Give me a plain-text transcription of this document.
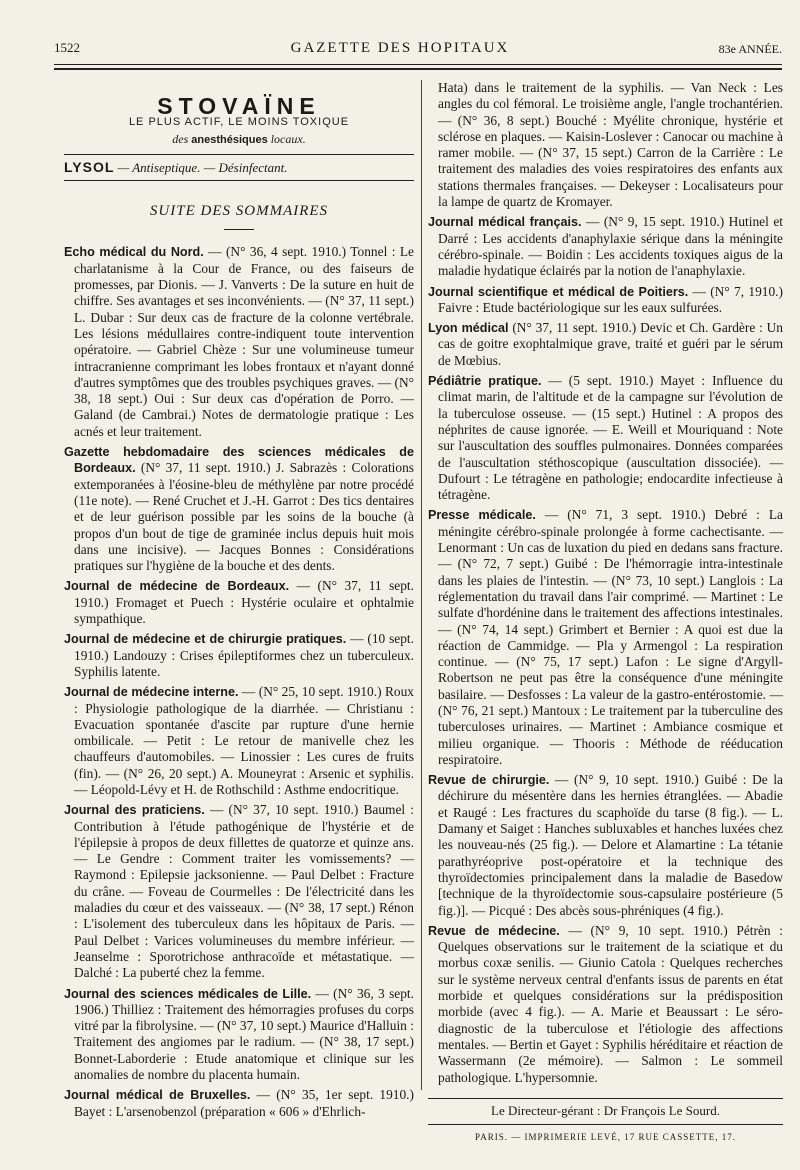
1522	GAZETTE DES HOPITAUX	83e ANNÉE.
STOVAÏNE
LE PLUS ACTIF, LE MOINS TOXIQUE
des anesthésiques locaux.
LYSOL — Antiseptique. — Désinfectant.
SUITE DES SOMMAIRES

Echo médical du Nord. — (N° 36, 4 sept. 1910.) Tonnel : Le charlatanisme à la Cour de France, ou des faiseurs de promesses, par Dionis. — J. Vanverts : De la suture en huit de chiffre. Ses avantages et ses inconvénients. — (N° 37, 11 sept.) L. Dubar : Sur deux cas de fracture de la colonne vertébrale. Les lésions médullaires contre-indiquent toute intervention opératoire. — Gabriel Chèze : Sur une volumineuse tumeur intracranienne comprimant les lobes frontaux et n'ayant donné d'autres symptômes que des troubles psychiques graves. — (N° 38, 18 sept.) Oui : Sur deux cas d'opération de Porro. — Galand (de Cambrai.) Notes de dermatologie pratique : Les acnés et leur traitement.

Gazette hebdomadaire des sciences médicales de Bordeaux. (N° 37, 11 sept. 1910.) J. Sabrazès : Colorations extemporanées à l'éosine-bleu de méthylène par notre procédé (11e note). — René Cruchet et J.-H. Garrot : Des tics dentaires et de leur guérison possible par les soins de la bouche (à propos d'un bout de tige de graminée inclus depuis huit mois dans une incisive). — Jacques Bonnes : Considérations pratiques sur l'hygiène de la bouche et des dents.

Journal de médecine de Bordeaux. — (N° 37, 11 sept. 1910.) Fromaget et Puech : Hystérie oculaire et ophtalmie sympathique.

Journal de médecine et de chirurgie pratiques. — (10 sept. 1910.) Landouzy : Crises épileptiformes chez un tuberculeux. Syphilis latente.

Journal de médecine interne. — (N° 25, 10 sept. 1910.) Roux : Physiologie pathologique de la diarrhée. — Christianu : Evacuation spontanée d'ascite par rupture d'une hernie ombilicale. — Petit : Le retour de manivelle chez les chauffeurs d'automobiles. — Linossier : Les cures de fruits (fin). — (N° 26, 20 sept.) A. Mouneyrat : Arsenic et syphilis. — Léopold-Lévy et H. de Rothschild : Asthme endocritique.

Journal des praticiens. — (N° 37, 10 sept. 1910.) Baumel : Contribution à l'étude pathogénique de l'hystérie et de l'épilepsie à propos de deux fillettes de quatorze et quinze ans. — Le Gendre : Comment traiter les vomissements? — Raymond : Epilepsie jacksonienne. — Paul Delbet : Fracture du crâne. — Foveau de Courmelles : De l'électricité dans les maladies du cœur et des vaisseaux. — (N° 38, 17 sept.) Rénon : L'isolement des tuberculeux dans les hôpitaux de Paris. — Paul Delbet : Varices volumineuses du membre inférieur. — Jeanselme : Sporotrichose anthracoïde et métastatique. — Dalché : La puberté chez la femme.

Journal des sciences médicales de Lille. — (N° 36, 3 sept. 1906.) Thilliez : Traitement des hémorragies profuses du corps vitré par la fibrolysine. — (N° 37, 10 sept.) Maurice d'Halluin : Traitement des angiomes par le radium. — (N° 38, 17 sept.) Bonnet-Laborderie : Etude anatomique et clinique sur les anomalies de nombre du placenta humain.

Journal médical de Bruxelles. — (N° 35, 1er sept. 1910.) Bayet : L'arsenobenzol (préparation « 606 » d'Ehrlich-

Hata) dans le traitement de la syphilis. — Van Neck : Les angles du col fémoral. Le troisième angle, l'angle trochantérien. — (N° 36, 8 sept.) Bouché : Myélite chronique, hystérie et sclérose en plaques. — Kaisin-Loslever : Canocar ou machine à ramer mobile. — (N° 37, 15 sept.) Carron de la Carrière : Le traitement des maladies des voies respiratoires des enfants aux stations thermales françaises. — Dekeyser : Localisateurs pour la lampe de quartz de Kromayer.

Journal médical français. — (N° 9, 15 sept. 1910.) Hutinel et Darré : Les accidents d'anaphylaxie sérique dans la méningite cérébro-spinale. — Boidin : Les accidents toxiques aigus de la maladie hydatique éclairés par la notion de l'anaphylaxie.

Journal scientifique et médical de Poitiers. — (N° 7, 1910.) Faivre : Etude bactériologique sur les eaux sulfurées.

Lyon médical (N° 37, 11 sept. 1910.) Devic et Ch. Gardère : Un cas de goitre exophtalmique grave, traité et guéri par le sérum de Mœbius.

Pédiâtrie pratique. — (5 sept. 1910.) Mayet : Influence du climat marin, de l'altitude et de la campagne sur l'évolution de la tuberculose osseuse. — (15 sept.) Hutinel : A propos des néphrites de cause ignorée. — E. Weill et Mouriquand : Note sur l'auscultation des souffles pulmonaires. Données comparées de l'auscultation stéthoscopique (auscultation dissociée). — Dufourt : Le tétragène en pathologie; endocardite infectieuse à tétragène.

Presse médicale. — (N° 71, 3 sept. 1910.) Debré : La méningite cérébro-spinale prolongée à forme cachectisante. — Lenormant : Un cas de luxation du pied en dedans sans fracture. — (N° 72, 7 sept.) Guibé : De l'hémorragie intra-intestinale dans les plaies de l'intestin. — (N° 73, 10 sept.) Langlois : La réglementation du travail dans l'air comprimé. — Martinet : Le sulfate d'hordénine dans le traitement des affections intestinales. — (N° 74, 14 sept.) Grimbert et Bernier : A quoi est due la réaction de Cammidge. — Pla y Armengol : La respiration continue. — (N° 75, 17 sept.) Lafon : Le signe d'Argyll-Robertson ne peut pas être la conséquence d'une méningite basilaire. — Desfosses : La valeur de la gastro-entérostomie. — (N° 76, 21 sept.) Mantoux : Le traitement par la tuberculine des tuberculoses urinaires. — Martinet : Ambiance cosmique et milieu organique. — Thooris : Méthode de rééducation respiratoire.

Revue de chirurgie. — (N° 9, 10 sept. 1910.) Guibé : De la déchirure du mésentère dans les hernies étranglées. — Abadie et Raugé : Les fractures du scaphoïde du tarse (8 fig.). — L. Damany et Saiget : Hanches subluxables et hanches luxées chez les nouveau-nés (25 fig.). — Delore et Alamartine : La tétanie parathyréoprive post-opératoire et la technique des thyroïdectomies principalement dans la maladie de Basedow [technique de la thyroïdectomie sous-capsulaire postérieure (5 fig.)]. — Picqué : Des abcès sous-phréniques (4 fig.).

Revue de médecine. — (N° 9, 10 sept. 1910.) Pétrèn : Quelques observations sur le traitement de la sciatique et du morbus coxæ senilis. — Giunio Catola : Quelques recherches sur le système nerveux central d'enfants issus de parents en état morbide et quelques considérations sur la prédisposition morbide (avec 4 fig.). — A. Marie et Beaussart : Le séro-diagnostic de la tuberculose et l'étiologie des affections mentales. — Bertin et Gayet : Syphilis héréditaire et réaction de Wassermann (2e mémoire). — Salmon : Le sommeil pathologique. L'hypersomnie.

Le Directeur-gérant : Dr François Le Sourd.
PARIS. — IMPRIMERIE LEVÉ, 17 RUE CASSETTE, 17.
